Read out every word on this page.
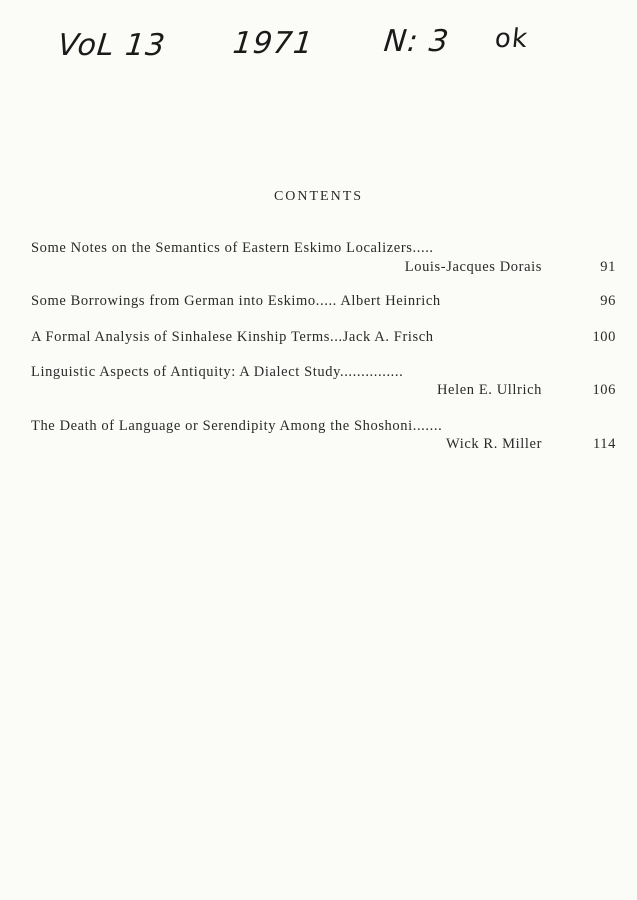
VoL 13 1971 N: 3 ok
CONTENTS
Some Notes on the Semantics of Eastern Eskimo Localizers.....
Louis-Jacques Dorais	91
Some Borrowings from German into Eskimo..... Albert Heinrich	96
A Formal Analysis of Sinhalese Kinship Terms...Jack A. Frisch	100
Linguistic Aspects of Antiquity: A Dialect Study...............
Helen E. Ullrich	106
The Death of Language or Serendipity Among the Shoshoni.......
Wick R. Miller	114
